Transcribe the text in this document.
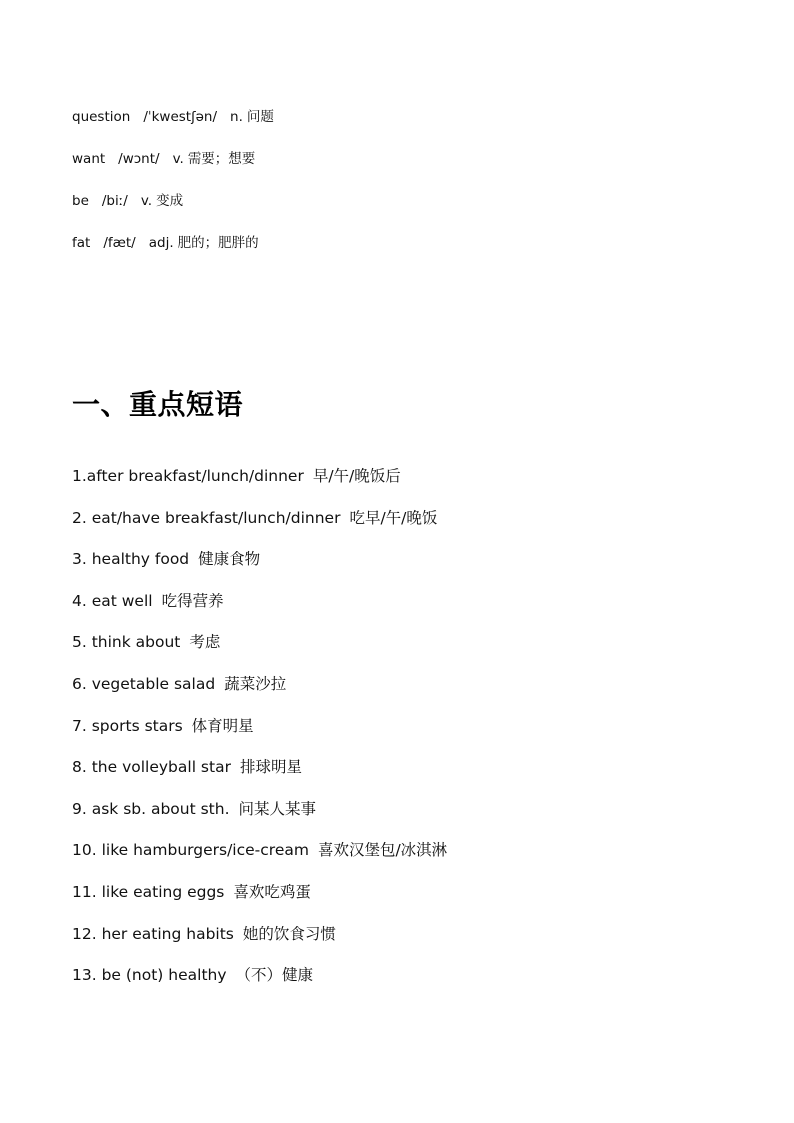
question /ˈkwestʃən/ n. 问题
want /wɔnt/ v. 需要；想要
be /biː/ v. 变成
fat /fæt/ adj. 肥的；肥胖的
一、重点短语
1.after breakfast/lunch/dinner 早/午/晚饭后
2. eat/have breakfast/lunch/dinner 吃早/午/晚饭
3. healthy food 健康食物
4. eat well 吃得营养
5. think about 考虑
6. vegetable salad 蔬菜沙拉
7. sports stars 体育明星
8. the volleyball star 排球明星
9. ask sb. about sth. 问某人某事
10. like hamburgers/ice-cream 喜欢汉堡包/冰淇淋
11. like eating eggs 喜欢吃鸡蛋
12. her eating habits 她的饮食习惯
13. be (not) healthy （不）健康
